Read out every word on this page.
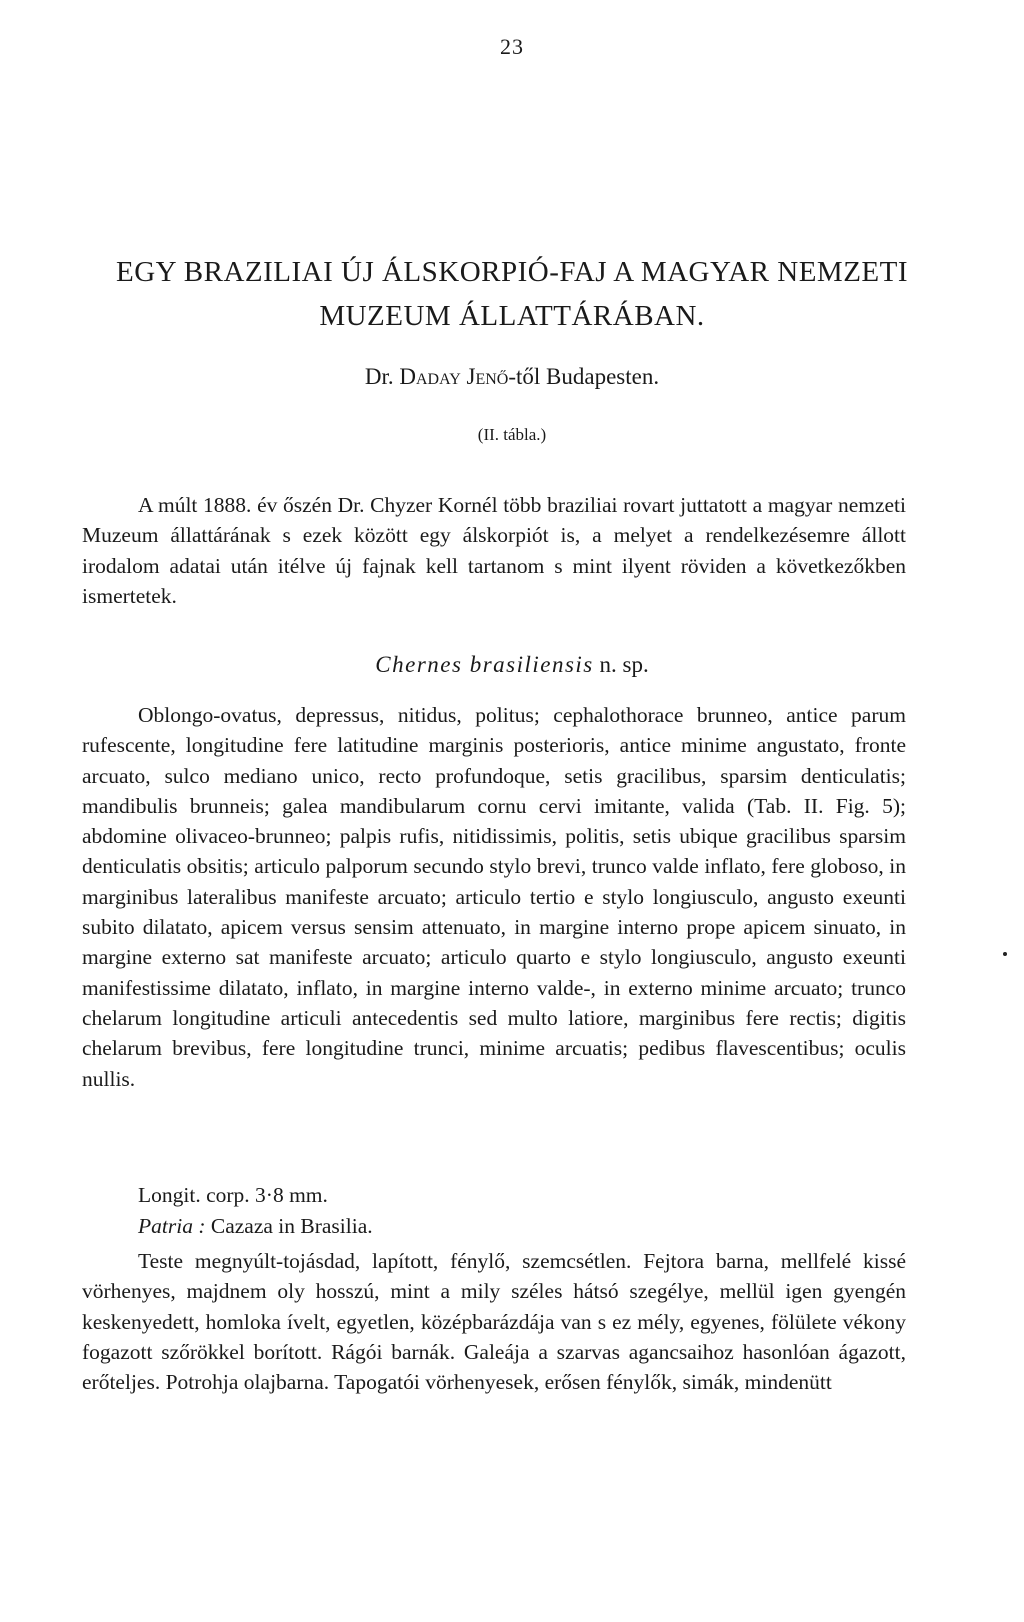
23
EGY BRAZILIAI ÚJ ÁLSKORPIÓ-FAJ A MAGYAR NEMZETI MUZEUM ÁLLATTÁRÁBAN.
Dr. Daday Jenő-től Budapesten.
(II. tábla.)

A múlt 1888. év őszén Dr. Chyzer Kornél több braziliai rovart juttatott a magyar nemzeti Muzeum állattárának s ezek között egy álskorpiót is, a melyet a rendelkezésemre állott irodalom adatai után itélve új fajnak kell tartanom s mint ilyent röviden a következőkben ismertetek.

Chernes brasiliensis n. sp.

Oblongo-ovatus, depressus, nitidus, politus; cephalothorace brunneo, antice parum rufescente, longitudine fere latitudine marginis posterioris, antice minime angustato, fronte arcuato, sulco mediano unico, recto profundoque, setis gracilibus, sparsim denticulatis; mandibulis brunneis; galea mandibularum cornu cervi imitante, valida (Tab. II. Fig. 5); abdomine olivaceo-brunneo; palpis rufis, nitidissimis, politis, setis ubique gracilibus sparsim denticulatis obsitis; articulo palporum secundo stylo brevi, trunco valde inflato, fere globoso, in marginibus lateralibus manifeste arcuato; articulo tertio e stylo longiusculo, angusto exeunti subito dilatato, apicem versus sensim attenuato, in margine interno prope apicem sinuato, in margine externo sat manifeste arcuato; articulo quarto e stylo longiusculo, angusto exeunti manifestissime dilatato, inflato, in margine interno valde-, in externo minime arcuato; trunco chelarum longitudine articuli antecedentis sed multo latiore, marginibus fere rectis; digitis chelarum brevibus, fere longitudine trunci, minime arcuatis; pedibus flavescentibus; oculis nullis.

Longit. corp. 3·8 mm.
Patria : Cazaza in Brasilia.

Teste megnyúlt-tojásdad, lapított, fénylő, szemcsétlen. Fejtora barna, mellfelé kissé vörhenyes, majdnem oly hosszú, mint a mily széles hátsó szegélye, mellül igen gyengén keskenyedett, homloka ívelt, egyetlen, középbarázdája van s ez mély, egyenes, fölülete vékony fogazott szőrökkel borított. Rágói barnák. Galeája a szarvas agancsaihoz hasonlóan ágazott, erőteljes. Potrohja olajbarna. Tapogatói vörhenyesek, erősen fénylők, simák, mindenütt
